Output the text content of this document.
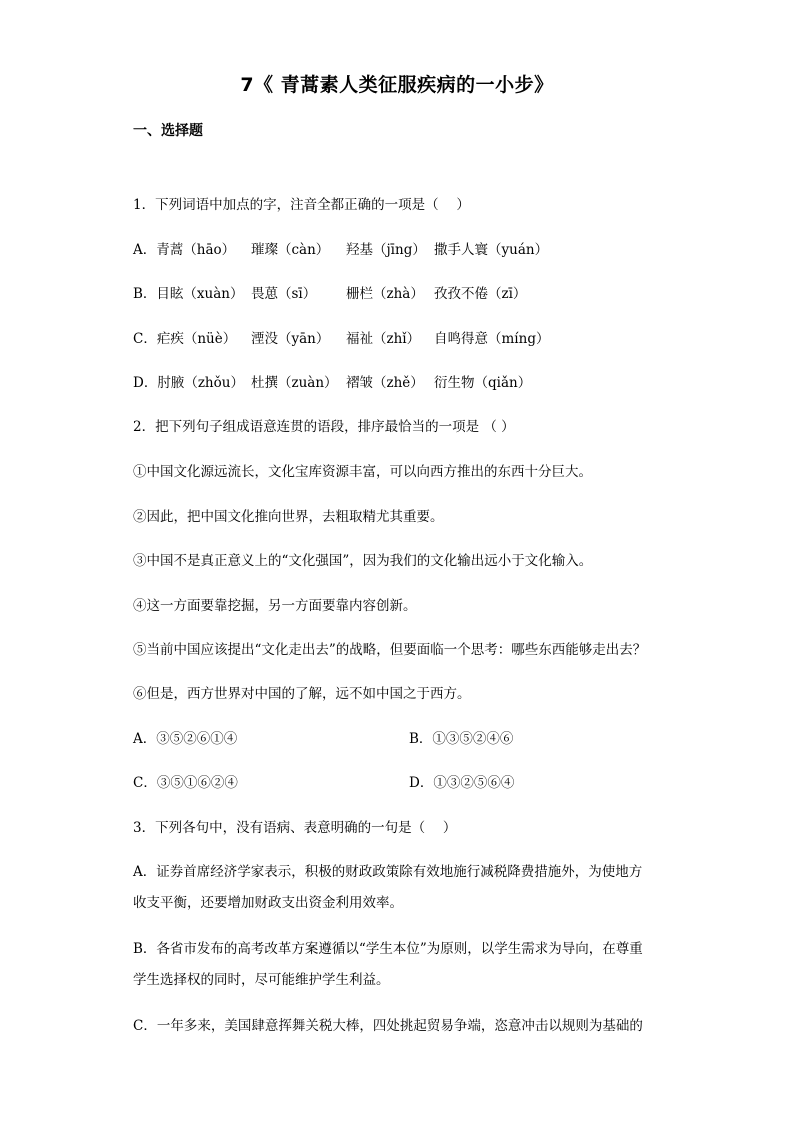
7《 青蒿素人类征服疾病的一小步》
一、选择题
1．下列词语中加点的字，注音全都正确的一项是（　 ）
A．青蒿（hāo） 璀璨（càn） 羟基（jīng） 撒手人寰（yuán）
B．目眩（xuàn） 畏葸（sī） 栅栏（zhà） 孜孜不倦（zī）
C．疟疾（nüè） 湮没（yān） 福祉（zhǐ） 自鸣得意（míng）
D．肘腋（zhǒu） 杜撰（zuàn） 褶皱（zhě） 衍生物（qiǎn）
2．把下列句子组成语意连贯的语段，排序最恰当的一项是 （ ）
①中国文化源远流长，文化宝库资源丰富，可以向西方推出的东西十分巨大。
②因此，把中国文化推向世界，去粗取精尤其重要。
③中国不是真正意义上的“文化强国”，因为我们的文化输出远小于文化输入。
④这一方面要靠挖掘，另一方面要靠内容创新。
⑤当前中国应该提出“文化走出去”的战略，但要面临一个思考：哪些东西能够走出去？
⑥但是，西方世界对中国的了解，远不如中国之于西方。
A．③⑤②⑥①④	B．①③⑤②④⑥
C．③⑤①⑥②④	D．①③②⑤⑥④
3．下列各句中，没有语病、表意明确的一句是（　 ）
A．证券首席经济学家表示，积极的财政政策除有效地施行减税降费措施外，为使地方
收支平衡，还要增加财政支出资金利用效率。
B．各省市发布的高考改革方案遵循以“学生本位”为原则，以学生需求为导向，在尊重
学生选择权的同时，尽可能维护学生利益。
C．一年多来，美国肆意挥舞关税大棒，四处挑起贸易争端，恣意冲击以规则为基础的
